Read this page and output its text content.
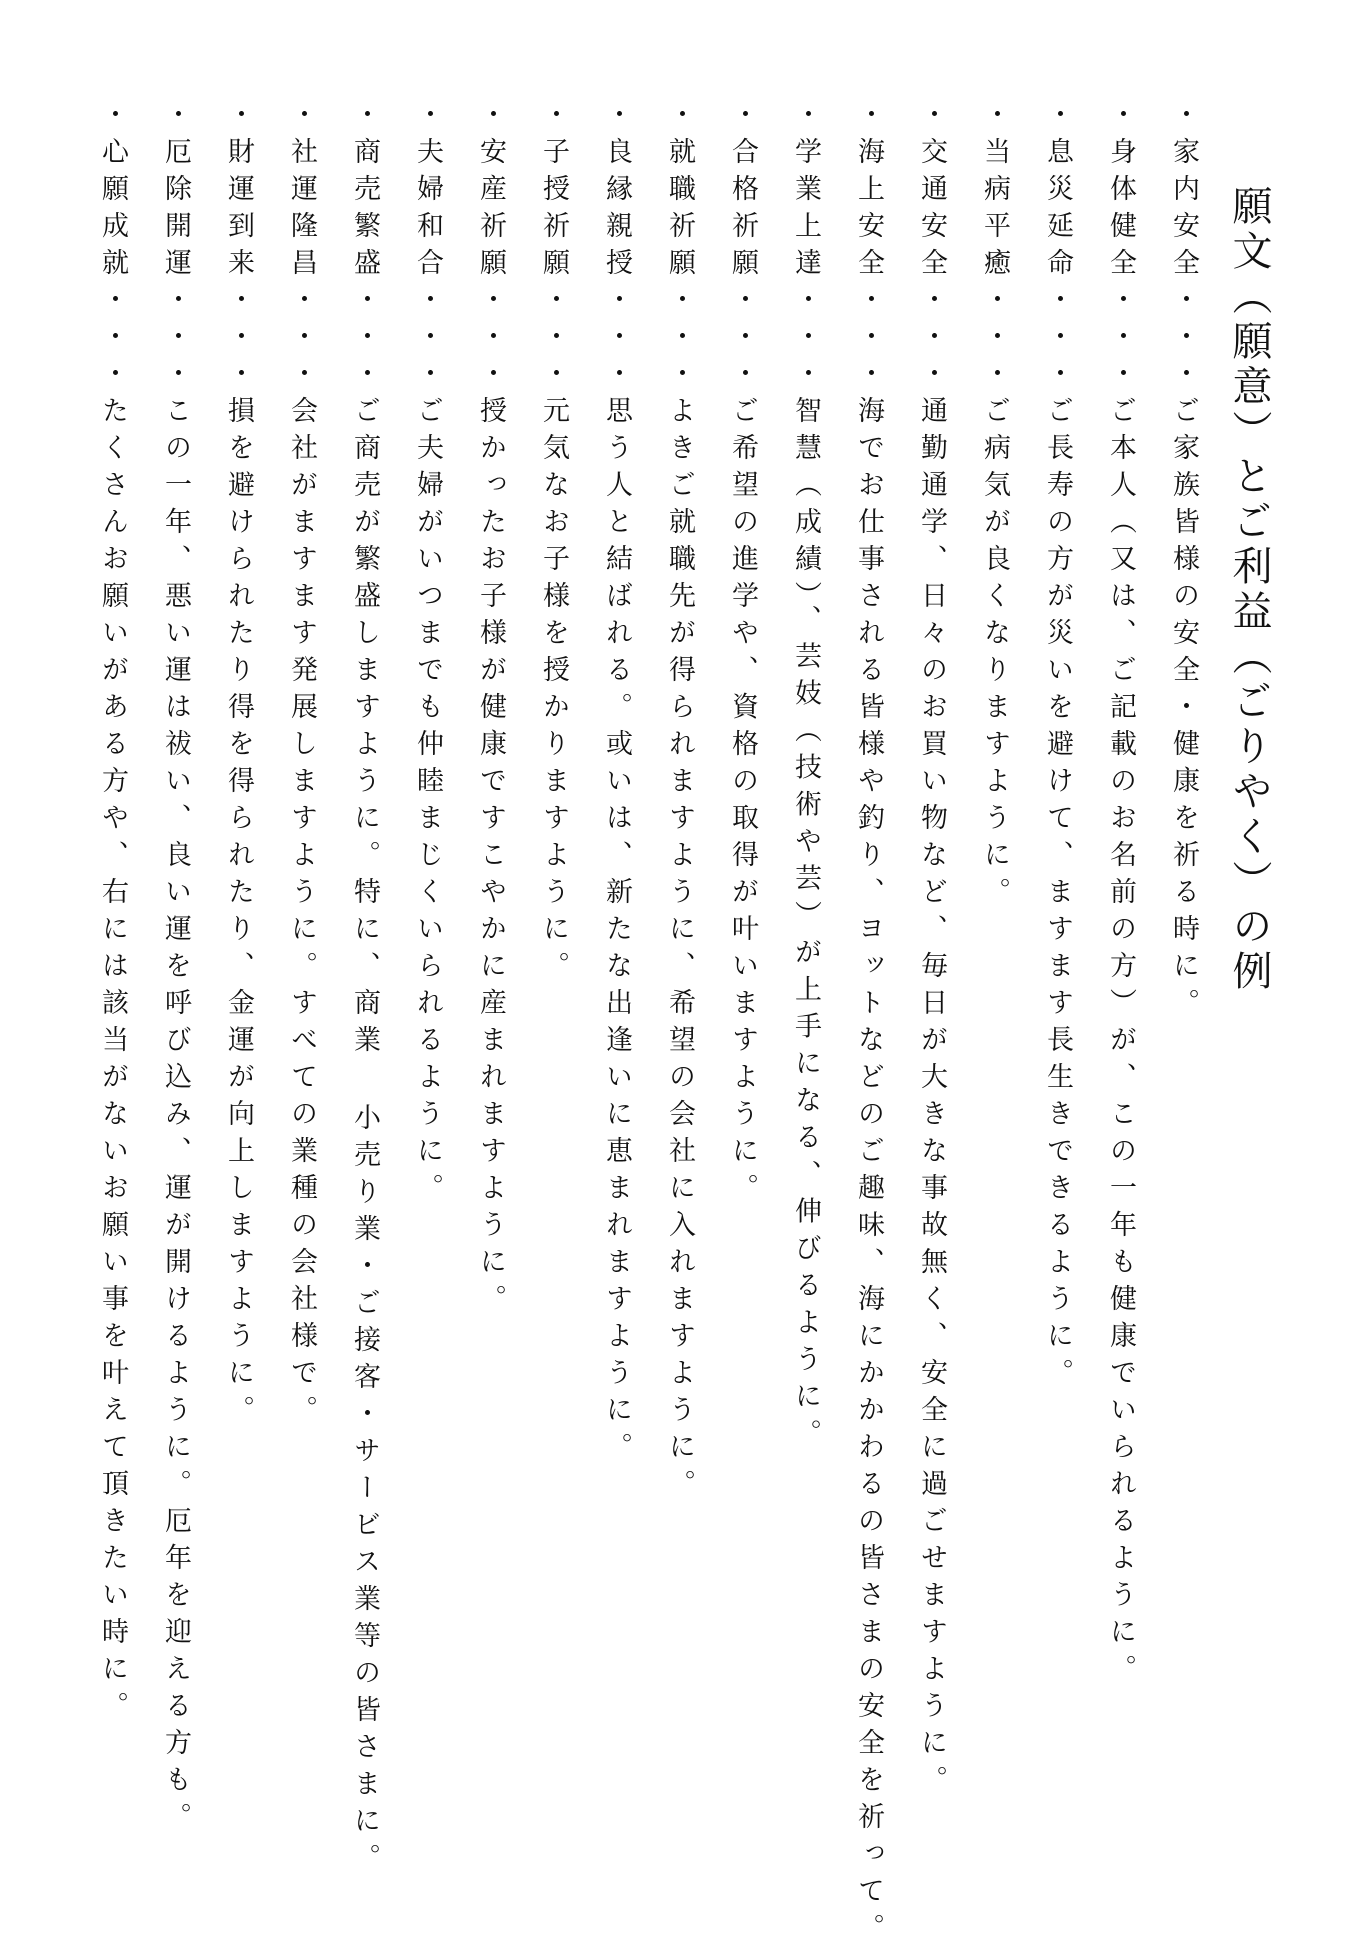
願文（願意）とご利益（ごりやく）の例
・家内安全・・・ご家族皆様の安全・健康を祈る時に。
・身体健全・・・ご本人（又は、ご記載のお名前の方）が、この一年も健康でいられるように。
・息災延命・・・ご長寿の方が災いを避けて、ますます長生きできるように。
・当病平癒・・・ご病気が良くなりますように。
・交通安全・・・通勤通学、日々のお買い物など、毎日が大きな事故無く、安全に過ごせますように。
・海上安全・・・海でお仕事される皆様や釣り、ヨットなどのご趣味、海にかかわるの皆さまの安全を祈って。
・学業上達・・・智慧（成績）、芸妓（技術や芸）が上手になる、伸びるように。
・合格祈願・・・ご希望の進学や、資格の取得が叶いますように。
・就職祈願・・・よきご就職先が得られますように、希望の会社に入れますように。
・良縁親授・・・思う人と結ばれる。或いは、新たな出逢いに恵まれますように。
・子授祈願・・・元気なお子様を授かりますように。
・安産祈願・・・授かったお子様が健康ですこやかに産まれますように。
・夫婦和合・・・ご夫婦がいつまでも仲睦まじくいられるように。
・商売繁盛・・・ご商売が繁盛しますように。特に、商業 小売り業・ご接客・サービス業等の皆さまに。
・社運隆昌・・・会社がますます発展しますように。すべての業種の会社様で。
・財運到来・・・損を避けられたり得を得られたり、金運が向上しますように。
・厄除開運・・・この一年、悪い運は祓い、良い運を呼び込み、運が開けるように。厄年を迎える方も。
・心願成就・・・たくさんお願いがある方や、右には該当がないお願い事を叶えて頂きたい時に。
